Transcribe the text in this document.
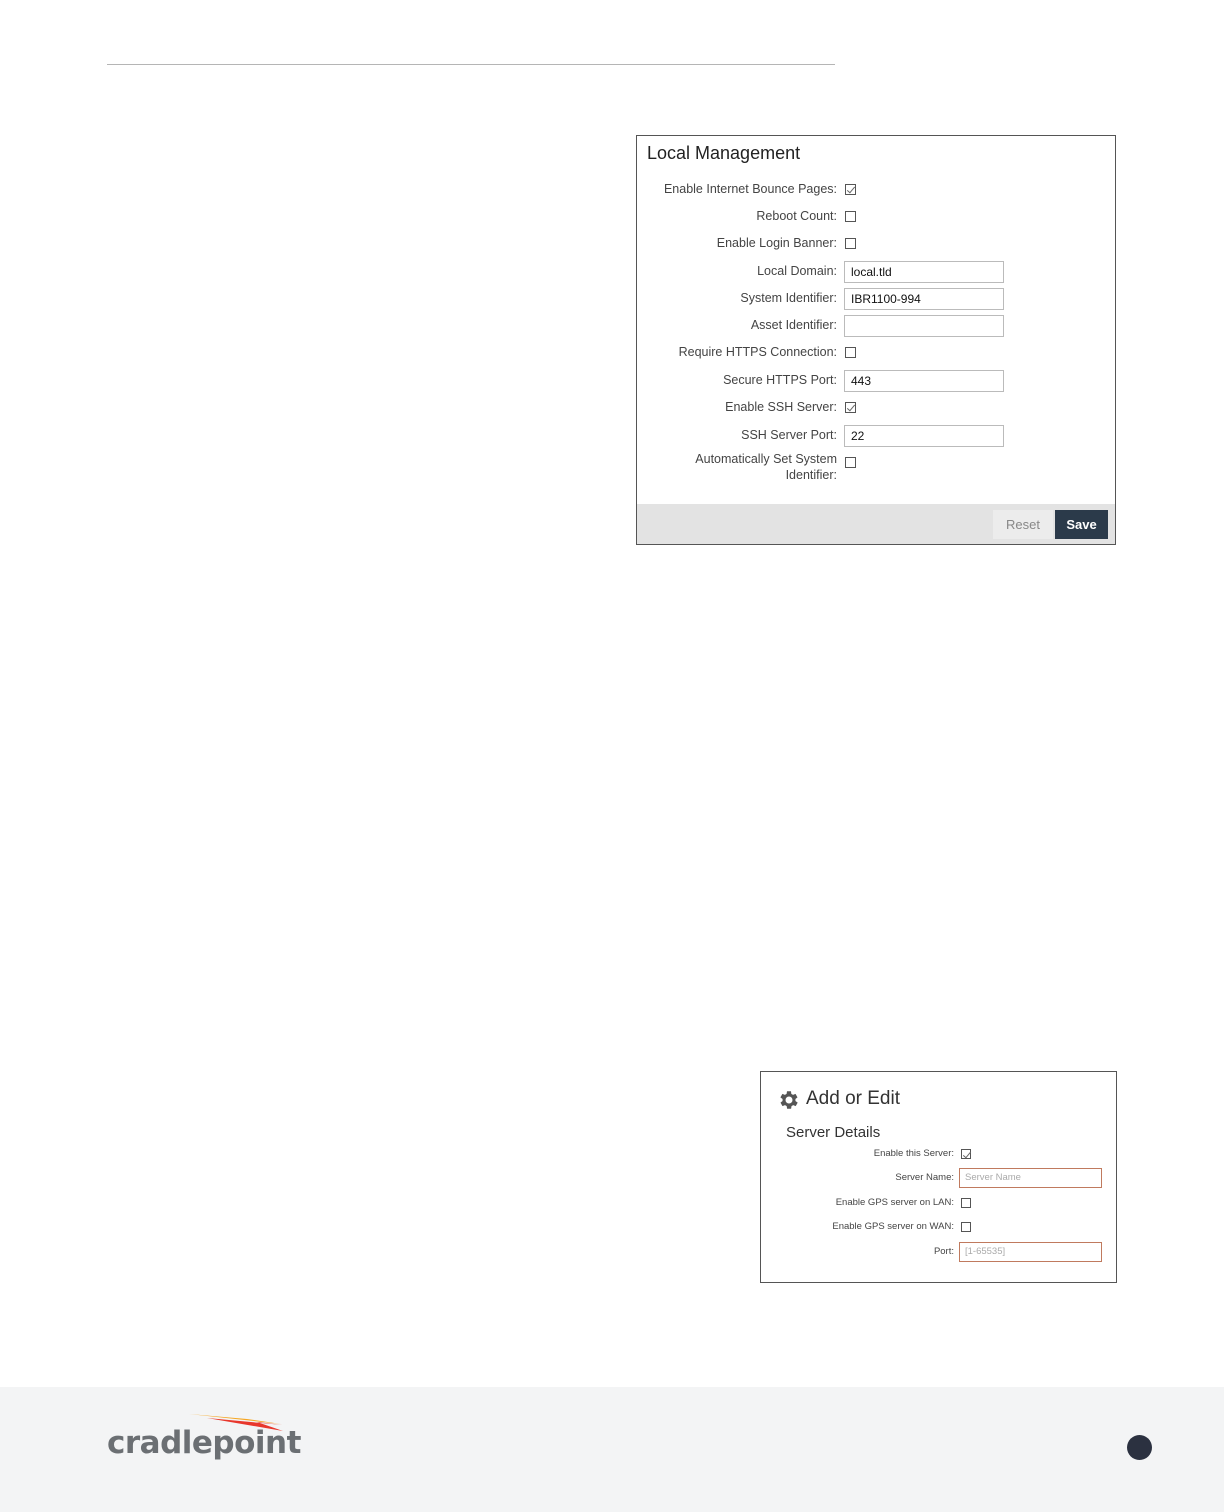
Local Management
Enable Internet Bounce Pages:
Reboot Count:
Enable Login Banner:
Local Domain:	local.tld
System Identifier:	IBR1100-994
Asset Identifier:
Require HTTPS Connection:
Secure HTTPS Port:	443
Enable SSH Server:
SSH Server Port:	22
Automatically Set System Identifier:
Reset	Save
Add or Edit
Server Details
Enable this Server:
Server Name:	Server Name
Enable GPS server on LAN:
Enable GPS server on WAN:
Port:	[1-65535]
cradlepoint
